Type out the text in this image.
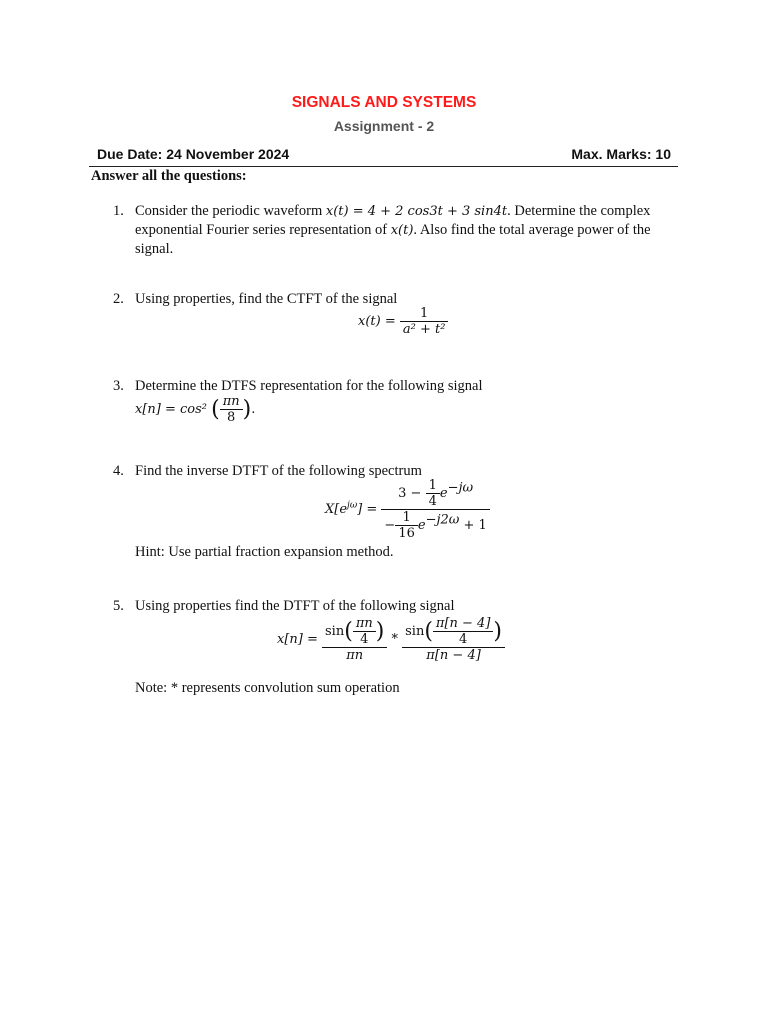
SIGNALS AND SYSTEMS
Assignment - 2
Due Date: 24 November 2024	Max. Marks: 10
Answer all the questions:
1. Consider the periodic waveform x(t) = 4 + 2 cos3t + 3 sin4t. Determine the complex
exponential Fourier series representation of x(t). Also find the total average power of the
signal.
2. Using properties, find the CTFT of the signal
$x(t) = \frac{1}{\text{a² + t²}}$
3. Determine the DTFS representation for the following signal
x[n] = cos² ( $\frac{\pi n}{8}$ ).
4. Find the inverse DTFT of the following spectrum
$X[e^{j\omega}] = \frac{3 - \frac{1}{4} e^{-j\omega}}{- \frac{1}{16} e^{-j2\omega} + 1}$
Hint: Use partial fraction expansion method.
5. Using properties find the DTFT of the following signal
$x[n] = \frac{\sin( \frac{\pi n}{4} )}{\pi n} * \frac{\sin( \frac{\pi[n - 4]}{4} )}{\pi[n - 4]}$
Note: * represents convolution sum operation
